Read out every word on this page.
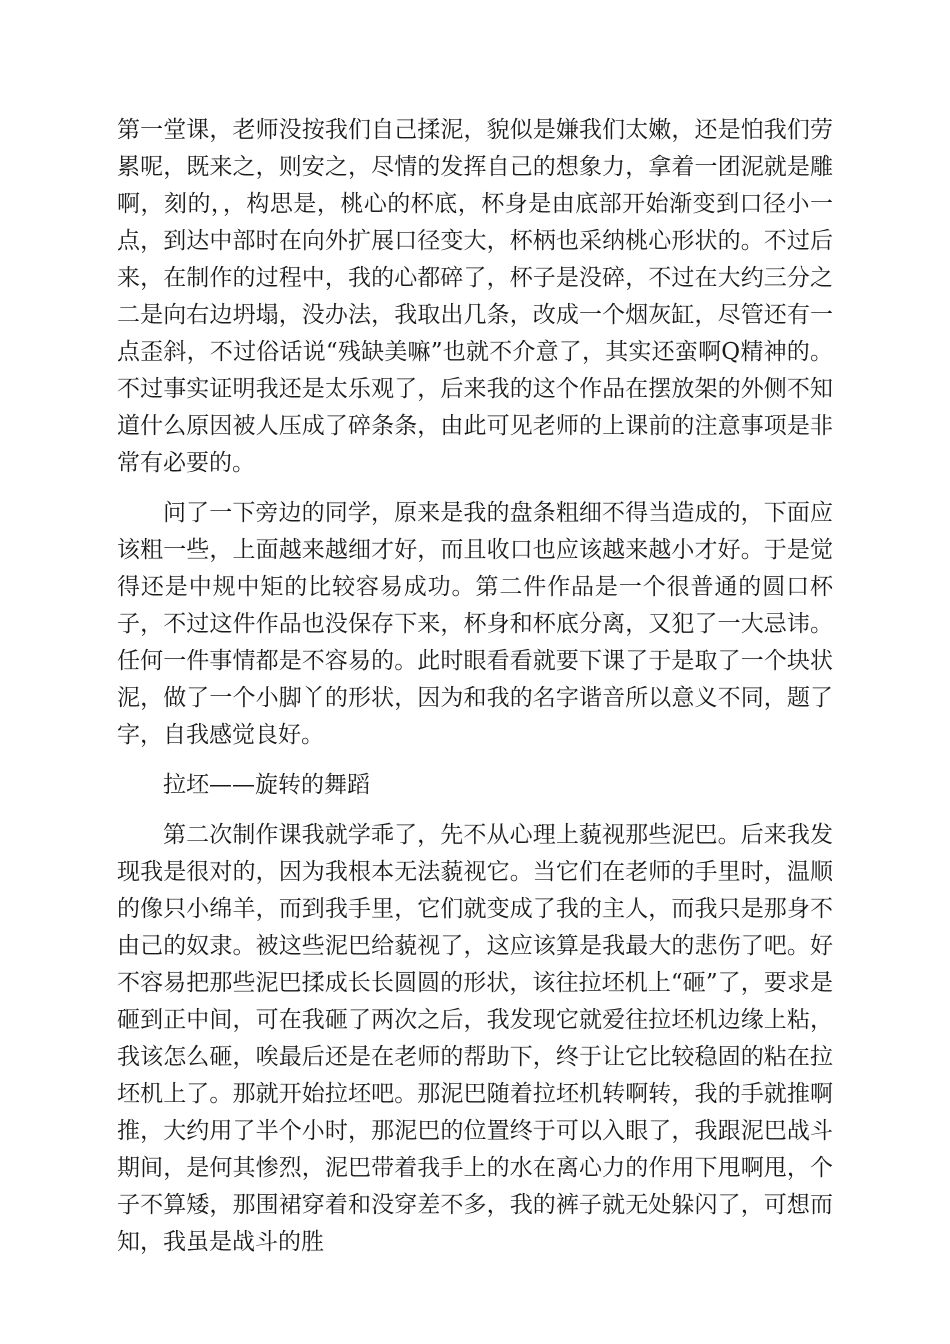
第一堂课，老师没按我们自己揉泥，貌似是嫌我们太嫩，还是怕我们劳累呢，既来之，则安之，尽情的发挥自己的想象力，拿着一团泥就是雕啊，刻的，，构思是，桃心的杯底，杯身是由底部开始渐变到口径小一点，到达中部时在向外扩展口径变大，杯柄也采纳桃心形状的。不过后来，在制作的过程中，我的心都碎了，杯子是没碎，不过在大约三分之二是向右边坍塌，没办法，我取出几条，改成一个烟灰缸，尽管还有一点歪斜，不过俗话说“残缺美嘛”也就不介意了，其实还蛮啊Q精神的。不过事实证明我还是太乐观了，后来我的这个作品在摆放架的外侧不知道什么原因被人压成了碎条条，由此可见老师的上课前的注意事项是非常有必要的。

问了一下旁边的同学，原来是我的盘条粗细不得当造成的，下面应该粗一些，上面越来越细才好，而且收口也应该越来越小才好。于是觉得还是中规中矩的比较容易成功。第二件作品是一个很普通的圆口杯子，不过这件作品也没保存下来，杯身和杯底分离，又犯了一大忌讳。任何一件事情都是不容易的。此时眼看看就要下课了于是取了一个块状泥，做了一个小脚丫的形状，因为和我的名字谐音所以意义不同，题了字，自我感觉良好。

拉坯——旋转的舞蹈

第二次制作课我就学乖了，先不从心理上藐视那些泥巴。后来我发现我是很对的，因为我根本无法藐视它。当它们在老师的手里时，温顺的像只小绵羊，而到我手里，它们就变成了我的主人，而我只是那身不由己的奴隶。被这些泥巴给藐视了，这应该算是我最大的悲伤了吧。好不容易把那些泥巴揉成长长圆圆的形状，该往拉坯机上“砸”了，要求是砸到正中间，可在我砸了两次之后，我发现它就爱往拉坯机边缘上粘，我该怎么砸，唉最后还是在老师的帮助下，终于让它比较稳固的粘在拉坯机上了。那就开始拉坯吧。那泥巴随着拉坯机转啊转，我的手就推啊推，大约用了半个小时，那泥巴的位置终于可以入眼了，我跟泥巴战斗期间，是何其惨烈，泥巴带着我手上的水在离心力的作用下甩啊甩，个子不算矮，那围裙穿着和没穿差不多，我的裤子就无处躲闪了，可想而知，我虽是战斗的胜
